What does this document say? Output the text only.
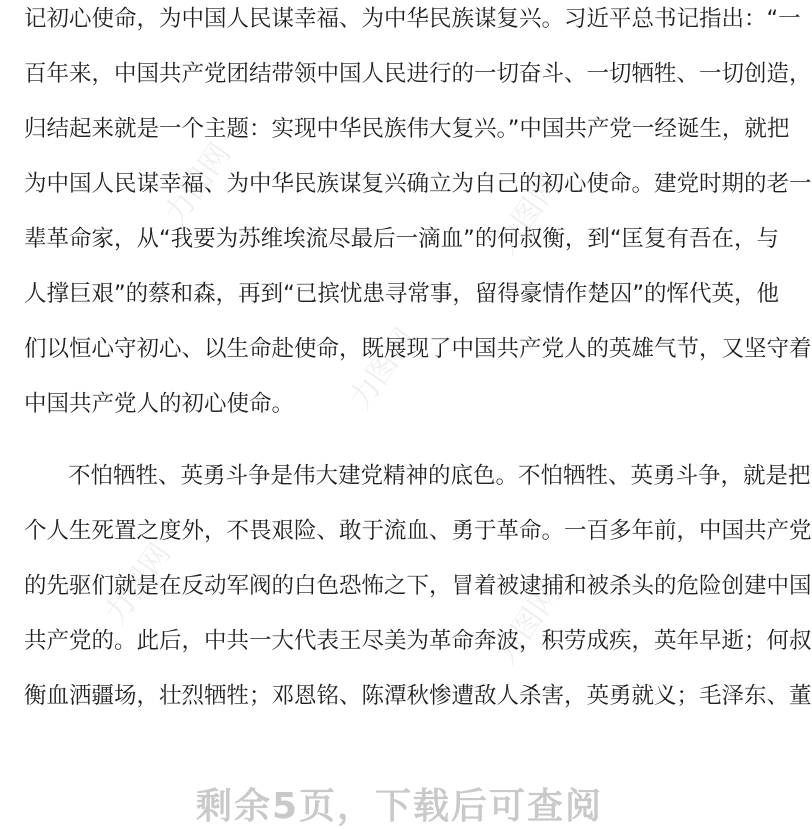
力图网
力图网
力图网
力图网	力图网
记初心使命，为中国人民谋幸福、为中华民族谋复兴。习近平总书记指出：“一
百年来，中国共产党团结带领中国人民进行的一切奋斗、一切牺牲、一切创造，
归结起来就是一个主题：实现中华民族伟大复兴。”中国共产党一经诞生，就把
为中国人民谋幸福、为中华民族谋复兴确立为自己的初心使命。建党时期的老一
辈革命家，从“我要为苏维埃流尽最后一滴血”的何叔衡，到“匡复有吾在，与
人撑巨艰”的蔡和森，再到“已摈忧患寻常事，留得豪情作楚囚”的恽代英，他
们以恒心守初心、以生命赴使命，既展现了中国共产党人的英雄气节，又坚守着
中国共产党人的初心使命。
不怕牺牲、英勇斗争是伟大建党精神的底色。不怕牺牲、英勇斗争，就是把
个人生死置之度外，不畏艰险、敢于流血、勇于革命。一百多年前，中国共产党
的先驱们就是在反动军阀的白色恐怖之下，冒着被逮捕和被杀头的危险创建中国
共产党的。此后，中共一大代表王尽美为革命奔波，积劳成疾，英年早逝；何叔
衡血洒疆场，壮烈牺牲；邓恩铭、陈潭秋惨遭敌人杀害，英勇就义；毛泽东、董
剩余5页，下载后可查阅
